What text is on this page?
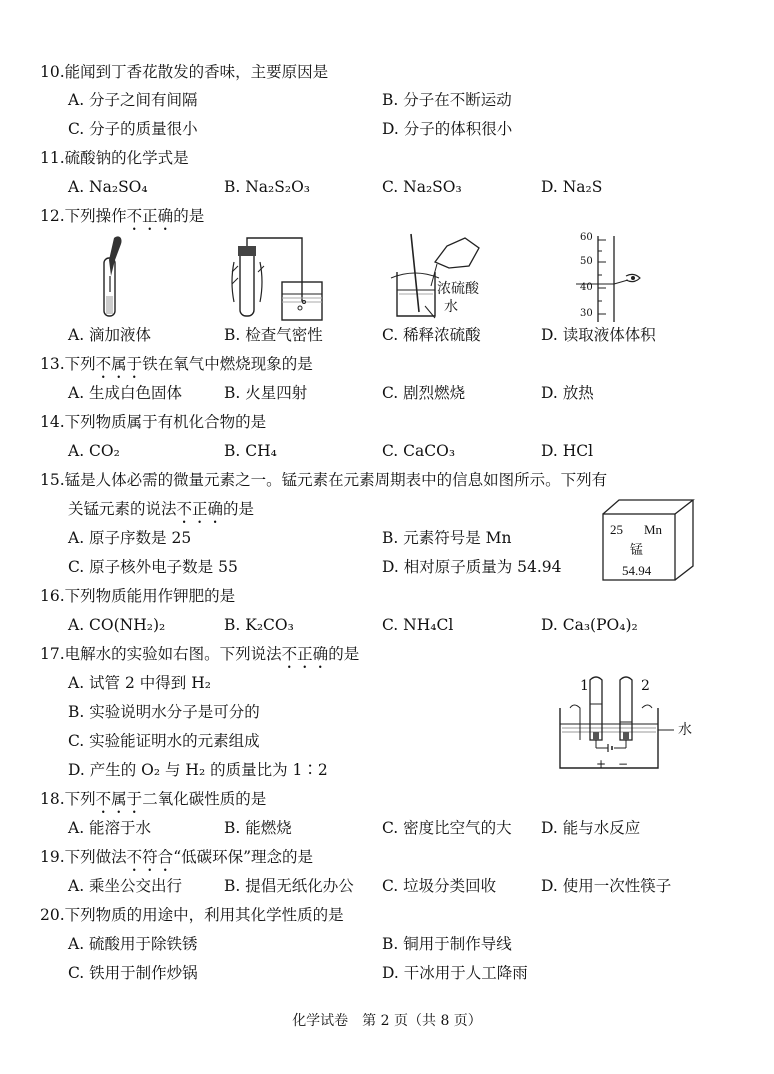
10.能闻到丁香花散发的香味，主要原因是
A. 分子之间有间隔	B. 分子在不断运动
C. 分子的质量很小	D. 分子的体积很小
11.硫酸钠的化学式是
A. Na₂SO₄	B. Na₂S₂O₃	C. Na₂SO₃	D. Na₂S
12.下列操作不正确的是
浓硫酸
水
60
50
40
30
A. 滴加液体	B. 检查气密性	C. 稀释浓硫酸	D. 读取液体体积
13.下列不属于铁在氧气中燃烧现象的是
A. 生成白色固体	B. 火星四射	C. 剧烈燃烧	D. 放热
14.下列物质属于有机化合物的是
A. CO₂	B. CH₄	C. CaCO₃	D. HCl
15.锰是人体必需的微量元素之一。锰元素在元素周期表中的信息如图所示。下列有
关锰元素的说法不正确的是
A. 原子序数是 25	B. 元素符号是 Mn
C. 原子核外电子数是 55	D. 相对原子质量为 54.94
25 Mn
锰
54.94
16.下列物质能用作钾肥的是
A. CO(NH₂)₂	B. K₂CO₃	C. NH₄Cl	D. Ca₃(PO₄)₂
17.电解水的实验如右图。下列说法不正确的是
A. 试管 2 中得到 H₂
B. 实验说明水分子是可分的
C. 实验能证明水的元素组成
D. 产生的 O₂ 与 H₂ 的质量比为 1∶2
1	2
水
+ −
18.下列不属于二氧化碳性质的是
A. 能溶于水	B. 能燃烧	C. 密度比空气的大 D. 能与水反应
19.下列做法不符合“低碳环保”理念的是
A. 乘坐公交出行	B. 提倡无纸化办公 C. 垃圾分类回收	D. 使用一次性筷子
20.下列物质的用途中，利用其化学性质的是
A. 硫酸用于除铁锈	B. 铜用于制作导线
C. 铁用于制作炒锅	D. 干冰用于人工降雨
化学试卷　第 2 页（共 8 页）
